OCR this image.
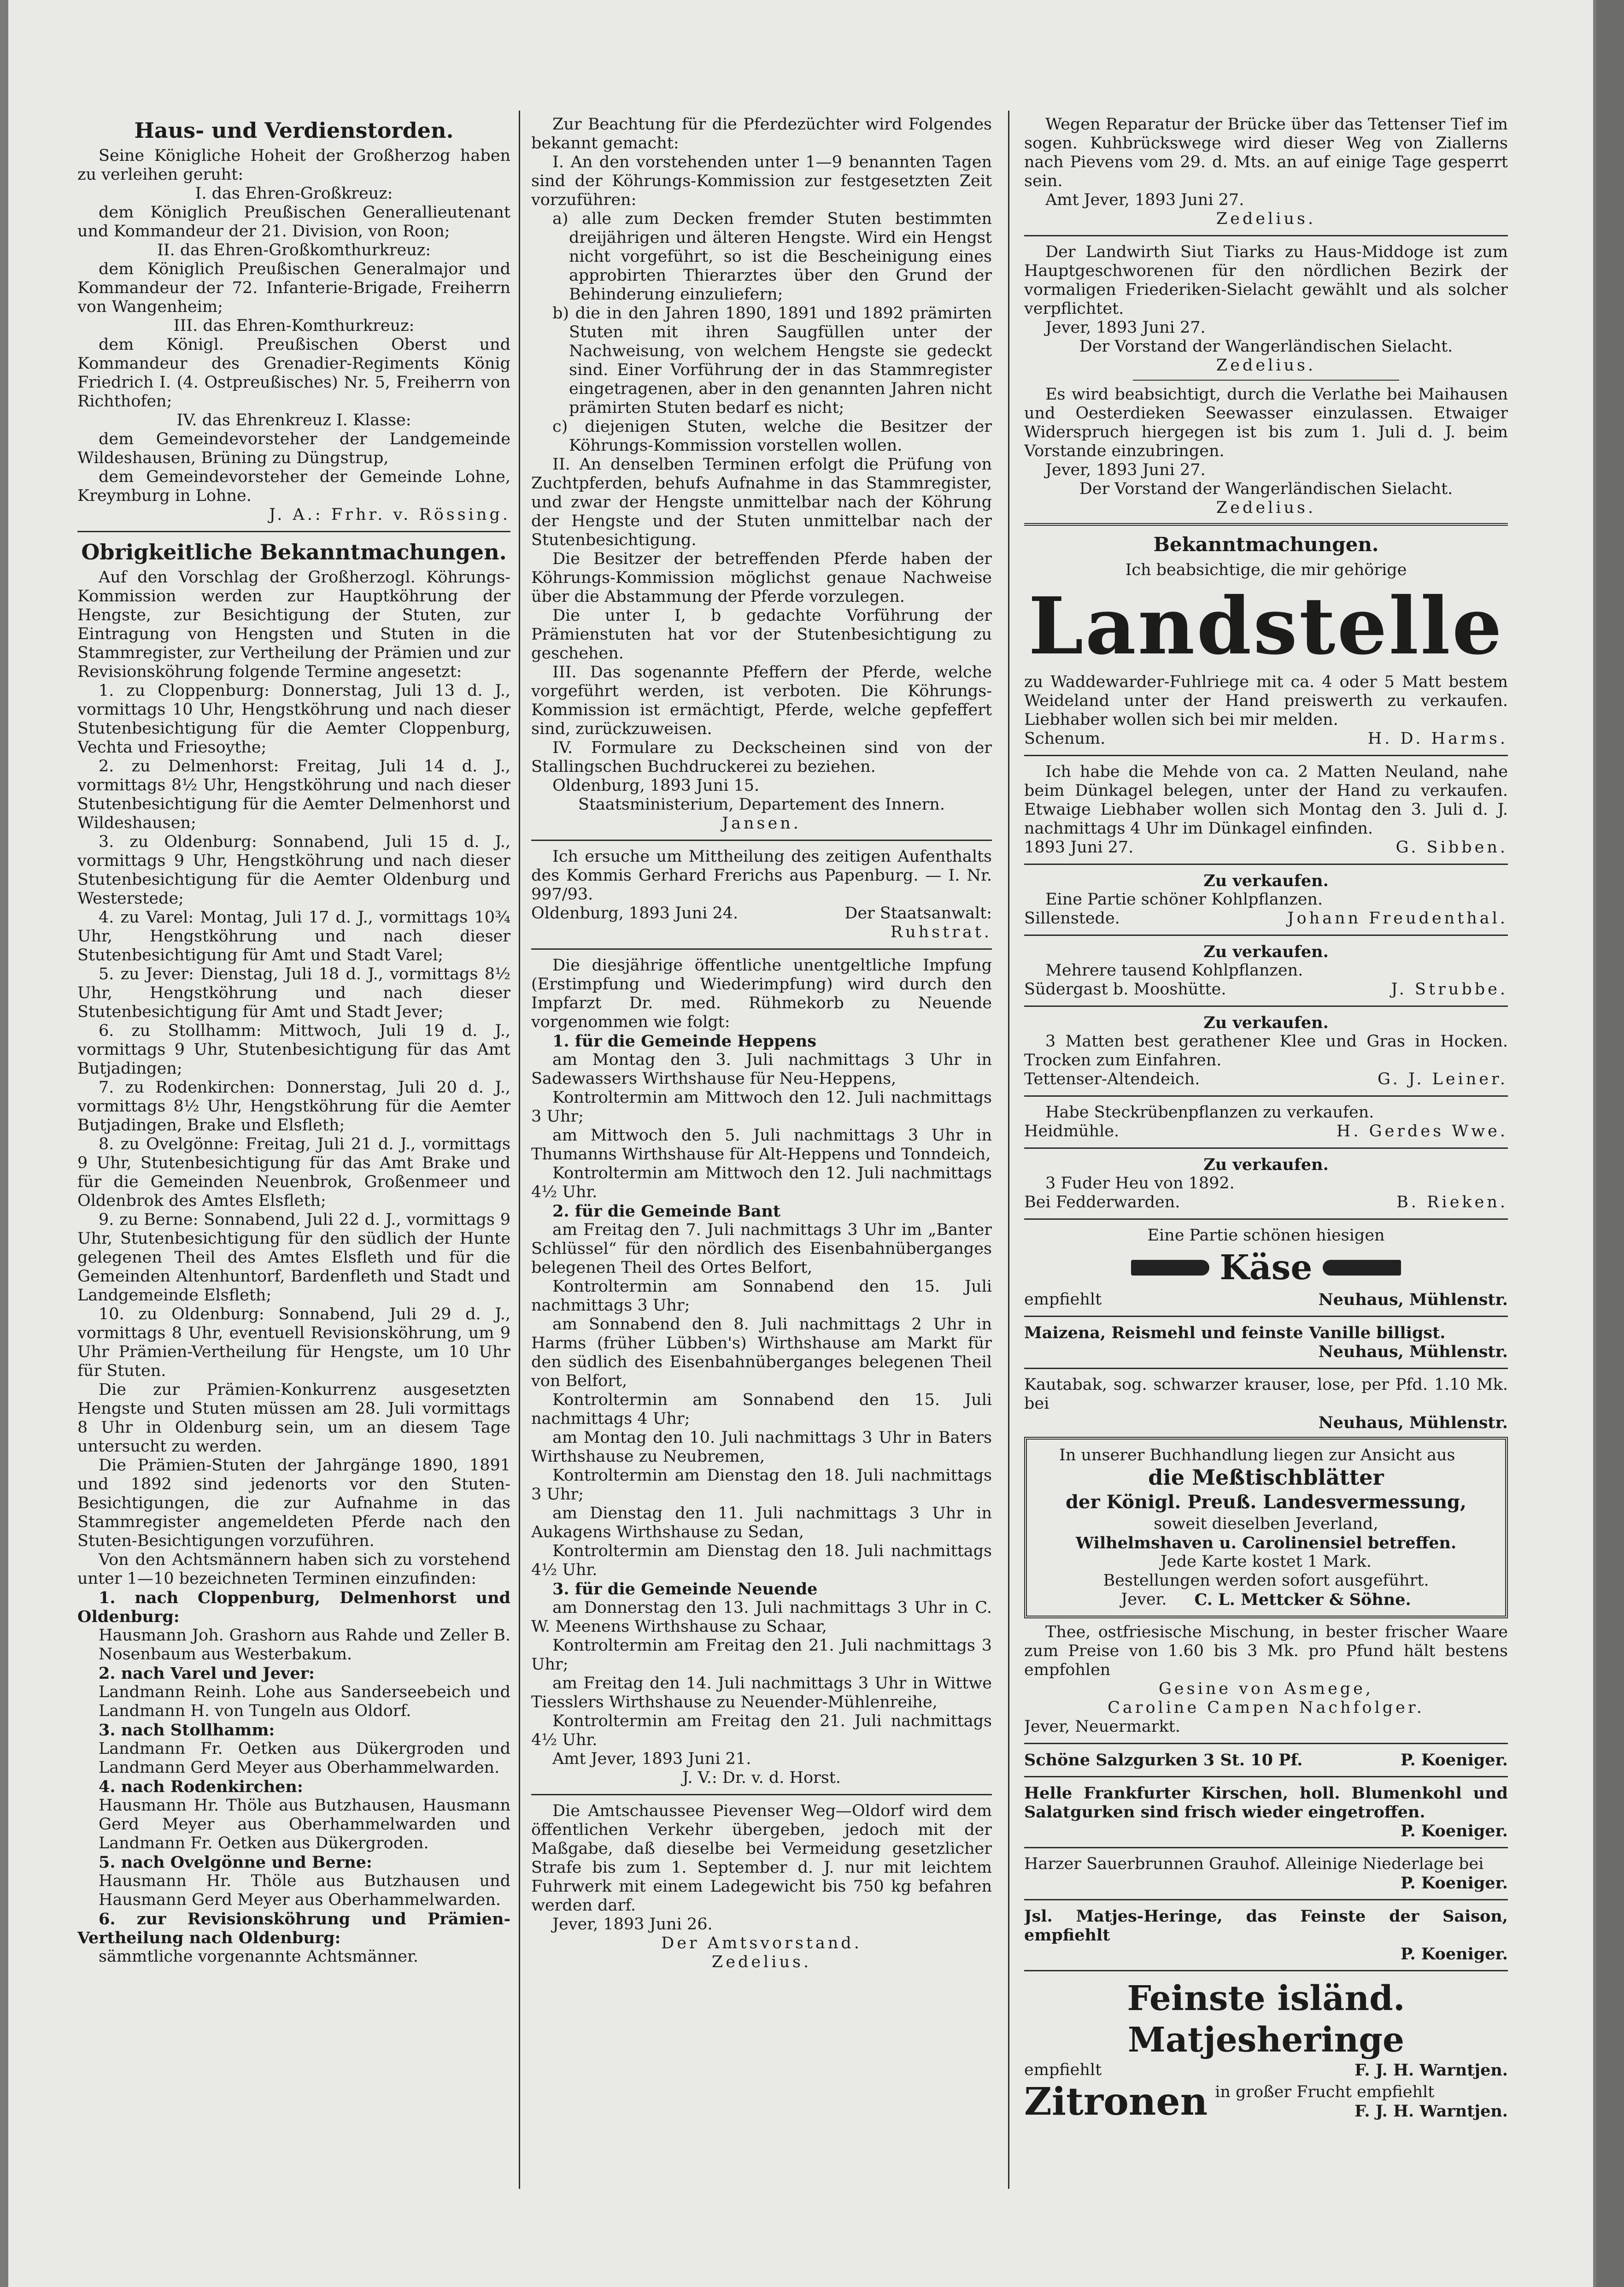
Haus- und Verdienstorden.

Seine Königliche Hoheit der Großherzog haben zu verleihen geruht:

I. das Ehren-Großkreuz:

dem Königlich Preußischen Generallieutenant und Kommandeur der 21. Division, von Roon;

II. das Ehren-Großkomthurkreuz:

dem Königlich Preußischen Generalmajor und Kommandeur der 72. Infanterie-Brigade, Freiherrn von Wangenheim;

III. das Ehren-Komthurkreuz:

dem Königl. Preußischen Oberst und Kommandeur des Grenadier-Regiments König Friedrich I. (4. Ostpreußisches) Nr. 5, Freiherrn von Richthofen;

IV. das Ehrenkreuz I. Klasse:

dem Gemeindevorsteher der Landgemeinde Wildeshausen, Brüning zu Düngstrup,

dem Gemeindevorsteher der Gemeinde Lohne, Kreymburg in Lohne.

J. A.: Frhr. v. Rössing.

Obrigkeitliche Bekanntmachungen.

Auf den Vorschlag der Großherzogl. Köhrungs-Kommission werden zur Hauptköhrung der Hengste, zur Besichtigung der Stuten, zur Eintragung von Hengsten und Stuten in die Stammregister, zur Vertheilung der Prämien und zur Revisionsköhrung folgende Termine angesetzt:

1. zu Cloppenburg: Donnerstag, Juli 13 d. J., vormittags 10 Uhr, Hengstköhrung und nach dieser Stutenbesichtigung für die Aemter Cloppenburg, Vechta und Friesoythe;

2. zu Delmenhorst: Freitag, Juli 14 d. J., vormittags 8½ Uhr, Hengstköhrung und nach dieser Stutenbesichtigung für die Aemter Delmenhorst und Wildeshausen;

3. zu Oldenburg: Sonnabend, Juli 15 d. J., vormittags 9 Uhr, Hengstköhrung und nach dieser Stutenbesichtigung für die Aemter Oldenburg und Westerstede;

4. zu Varel: Montag, Juli 17 d. J., vormittags 10¾ Uhr, Hengstköhrung und nach dieser Stutenbesichtigung für Amt und Stadt Varel;

5. zu Jever: Dienstag, Juli 18 d. J., vormittags 8½ Uhr, Hengstköhrung und nach dieser Stutenbesichtigung für Amt und Stadt Jever;

6. zu Stollhamm: Mittwoch, Juli 19 d. J., vormittags 9 Uhr, Stutenbesichtigung für das Amt Butjadingen;

7. zu Rodenkirchen: Donnerstag, Juli 20 d. J., vormittags 8½ Uhr, Hengstköhrung für die Aemter Butjadingen, Brake und Elsfleth;

8. zu Ovelgönne: Freitag, Juli 21 d. J., vormittags 9 Uhr, Stutenbesichtigung für das Amt Brake und für die Gemeinden Neuenbrok, Großenmeer und Oldenbrok des Amtes Elsfleth;

9. zu Berne: Sonnabend, Juli 22 d. J., vormittags 9 Uhr, Stutenbesichtigung für den südlich der Hunte gelegenen Theil des Amtes Elsfleth und für die Gemeinden Altenhuntorf, Bardenfleth und Stadt und Landgemeinde Elsfleth;

10. zu Oldenburg: Sonnabend, Juli 29 d. J., vormittags 8 Uhr, eventuell Revisionsköhrung, um 9 Uhr Prämien-Vertheilung für Hengste, um 10 Uhr für Stuten.

Die zur Prämien-Konkurrenz ausgesetzten Hengste und Stuten müssen am 28. Juli vormittags 8 Uhr in Oldenburg sein, um an diesem Tage untersucht zu werden.

Die Prämien-Stuten der Jahrgänge 1890, 1891 und 1892 sind jedenorts vor den Stuten-Besichtigungen, die zur Aufnahme in das Stammregister angemeldeten Pferde nach den Stuten-Besichtigungen vorzuführen.

Von den Achtsmännern haben sich zu vorstehend unter 1—10 bezeichneten Terminen einzufinden:

1. nach Cloppenburg, Delmenhorst und Oldenburg:

Hausmann Joh. Grashorn aus Rahde und Zeller B. Nosenbaum aus Westerbakum.

2. nach Varel und Jever:

Landmann Reinh. Lohe aus Sanderseebeich und Landmann H. von Tungeln aus Oldorf.

3. nach Stollhamm:

Landmann Fr. Oetken aus Dükergroden und Landmann Gerd Meyer aus Oberhammelwarden.

4. nach Rodenkirchen:

Hausmann Hr. Thöle aus Butzhausen, Hausmann Gerd Meyer aus Oberhammelwarden und Landmann Fr. Oetken aus Dükergroden.

5. nach Ovelgönne und Berne:

Hausmann Hr. Thöle aus Butzhausen und Hausmann Gerd Meyer aus Oberhammelwarden.

6. zur Revisionsköhrung und Prämien-Vertheilung nach Oldenburg:

sämmtliche vorgenannte Achtsmänner.

Zur Beachtung für die Pferdezüchter wird Folgendes bekannt gemacht:

I. An den vorstehenden unter 1—9 benannten Tagen sind der Köhrungs-Kommission zur festgesetzten Zeit vorzuführen:

a) alle zum Decken fremder Stuten bestimmten dreijährigen und älteren Hengste. Wird ein Hengst nicht vorgeführt, so ist die Bescheinigung eines approbirten Thierarztes über den Grund der Behinderung einzuliefern;

b) die in den Jahren 1890, 1891 und 1892 prämirten Stuten mit ihren Saugfüllen unter der Nachweisung, von welchem Hengste sie gedeckt sind. Einer Vorführung der in das Stammregister eingetragenen, aber in den genannten Jahren nicht prämirten Stuten bedarf es nicht;

c) diejenigen Stuten, welche die Besitzer der Köhrungs-Kommission vorstellen wollen.

II. An denselben Terminen erfolgt die Prüfung von Zuchtpferden, behufs Aufnahme in das Stammregister, und zwar der Hengste unmittelbar nach der Köhrung der Hengste und der Stuten unmittelbar nach der Stutenbesichtigung.

Die Besitzer der betreffenden Pferde haben der Köhrungs-Kommission möglichst genaue Nachweise über die Abstammung der Pferde vorzulegen.

Die unter I, b gedachte Vorführung der Prämienstuten hat vor der Stutenbesichtigung zu geschehen.

III. Das sogenannte Pfeffern der Pferde, welche vorgeführt werden, ist verboten. Die Köhrungs-Kommission ist ermächtigt, Pferde, welche gepfeffert sind, zurückzuweisen.

IV. Formulare zu Deckscheinen sind von der Stallingschen Buchdruckerei zu beziehen.

Oldenburg, 1893 Juni 15.

Staatsministerium, Departement des Innern.

Jansen.

Ich ersuche um Mittheilung des zeitigen Aufenthalts des Kommis Gerhard Frerichs aus Papenburg. — I. Nr. 997/93.

Oldenburg, 1893 Juni 24.	Der Staatsanwalt:

Ruhstrat.

Die diesjährige öffentliche unentgeltliche Impfung (Erstimpfung und Wiederimpfung) wird durch den Impfarzt Dr. med. Rühmekorb zu Neuende vorgenommen wie folgt:

1. für die Gemeinde Heppens

am Montag den 3. Juli nachmittags 3 Uhr in Sadewassers Wirthshause für Neu-Heppens,

Kontroltermin am Mittwoch den 12. Juli nachmittags 3 Uhr;

am Mittwoch den 5. Juli nachmittags 3 Uhr in Thumanns Wirthshause für Alt-Heppens und Tonndeich,

Kontroltermin am Mittwoch den 12. Juli nachmittags 4½ Uhr.

2. für die Gemeinde Bant

am Freitag den 7. Juli nachmittags 3 Uhr im „Banter Schlüssel“ für den nördlich des Eisenbahnüberganges belegenen Theil des Ortes Belfort,

Kontroltermin am Sonnabend den 15. Juli nachmittags 3 Uhr;

am Sonnabend den 8. Juli nachmittags 2 Uhr in Harms (früher Lübben's) Wirthshause am Markt für den südlich des Eisenbahnüberganges belegenen Theil von Belfort,

Kontroltermin am Sonnabend den 15. Juli nachmittags 4 Uhr;

am Montag den 10. Juli nachmittags 3 Uhr in Baters Wirthshause zu Neubremen,

Kontroltermin am Dienstag den 18. Juli nachmittags 3 Uhr;

am Dienstag den 11. Juli nachmittags 3 Uhr in Aukagens Wirthshause zu Sedan,

Kontroltermin am Dienstag den 18. Juli nachmittags 4½ Uhr.

3. für die Gemeinde Neuende

am Donnerstag den 13. Juli nachmittags 3 Uhr in C. W. Meenens Wirthshause zu Schaar,

Kontroltermin am Freitag den 21. Juli nachmittags 3 Uhr;

am Freitag den 14. Juli nachmittags 3 Uhr in Wittwe Tiesslers Wirthshause zu Neuender-Mühlenreihe,

Kontroltermin am Freitag den 21. Juli nachmittags 4½ Uhr.

Amt Jever, 1893 Juni 21.

J. V.: Dr. v. d. Horst.

Die Amtschaussee Pievenser Weg—Oldorf wird dem öffentlichen Verkehr übergeben, jedoch mit der Maßgabe, daß dieselbe bei Vermeidung gesetzlicher Strafe bis zum 1. September d. J. nur mit leichtem Fuhrwerk mit einem Ladegewicht bis 750 kg befahren werden darf.

Jever, 1893 Juni 26.

Der Amtsvorstand.

Zedelius.

Wegen Reparatur der Brücke über das Tettenser Tief im sogen. Kuhbrückswege wird dieser Weg von Ziallerns nach Pievens vom 29. d. Mts. an auf einige Tage gesperrt sein.

Amt Jever, 1893 Juni 27.

Zedelius.

Der Landwirth Siut Tiarks zu Haus-Middoge ist zum Hauptgeschworenen für den nördlichen Bezirk der vormaligen Friederiken-Sielacht gewählt und als solcher verpflichtet.

Jever, 1893 Juni 27.

Der Vorstand der Wangerländischen Sielacht.

Zedelius.

Es wird beabsichtigt, durch die Verlathe bei Maihausen und Oesterdieken Seewasser einzulassen. Etwaiger Widerspruch hiergegen ist bis zum 1. Juli d. J. beim Vorstande einzubringen.

Jever, 1893 Juni 27.

Der Vorstand der Wangerländischen Sielacht.

Zedelius.

Bekanntmachungen.

Ich beabsichtige, die mir gehörige

Landstelle

zu Waddewarder-Fuhlriege mit ca. 4 oder 5 Matt bestem Weideland unter der Hand preiswerth zu verkaufen. Liebhaber wollen sich bei mir melden.

Schenum.	H. D. Harms.

Ich habe die Mehde von ca. 2 Matten Neuland, nahe beim Dünkagel belegen, unter der Hand zu verkaufen. Etwaige Liebhaber wollen sich Montag den 3. Juli d. J. nachmittags 4 Uhr im Dünkagel einfinden.

1893 Juni 27.	G. Sibben.

Zu verkaufen.

Eine Partie schöner Kohlpflanzen.

Sillenstede.	Johann Freudenthal.

Zu verkaufen.

Mehrere tausend Kohlpflanzen.

Südergast b. Mooshütte.	J. Strubbe.

Zu verkaufen.

3 Matten best gerathener Klee und Gras in Hocken. Trocken zum Einfahren.

Tettenser-Altendeich.	G. J. Leiner.

Habe Steckrübenpflanzen zu verkaufen.

Heidmühle.	H. Gerdes Wwe.

Zu verkaufen.

3 Fuder Heu von 1892.

Bei Fedderwarden.	B. Rieken.

Eine Partie schönen hiesigen

Käse
empfiehlt	Neuhaus, Mühlenstr.

Maizena, Reismehl und feinste Vanille billigst.

Neuhaus, Mühlenstr.

Kautabak, sog. schwarzer krauser, lose, per Pfd. 1.10 Mk. bei

Neuhaus, Mühlenstr.

In unserer Buchhandlung liegen zur Ansicht aus

die Meßtischblätter
der Königl. Preuß. Landesvermessung,

soweit dieselben Jeverland,

Wilhelmshaven u. Carolinensiel betreffen.

Jede Karte kostet 1 Mark.

Bestellungen werden sofort ausgeführt.

Jever. C. L. Mettcker & Söhne.

Thee, ostfriesische Mischung, in bester frischer Waare zum Preise von 1.60 bis 3 Mk. pro Pfund hält bestens empfohlen

Gesine von Asmege,

Caroline Campen Nachfolger.

Jever, Neuermarkt.

Schöne Salzgurken 3 St. 10 Pf.	P. Koeniger.

Helle Frankfurter Kirschen, holl. Blumenkohl und Salatgurken sind frisch wieder eingetroffen.

P. Koeniger.

Harzer Sauerbrunnen Grauhof. Alleinige Niederlage bei

P. Koeniger.

Jsl. Matjes-Heringe, das Feinste der Saison, empfiehlt

P. Koeniger.

Feinste isländ. Matjesheringe
empfiehlt	F. J. H. Warntjen.
Zitronen in großer Frucht empfiehlt

F. J. H. Warntjen.
